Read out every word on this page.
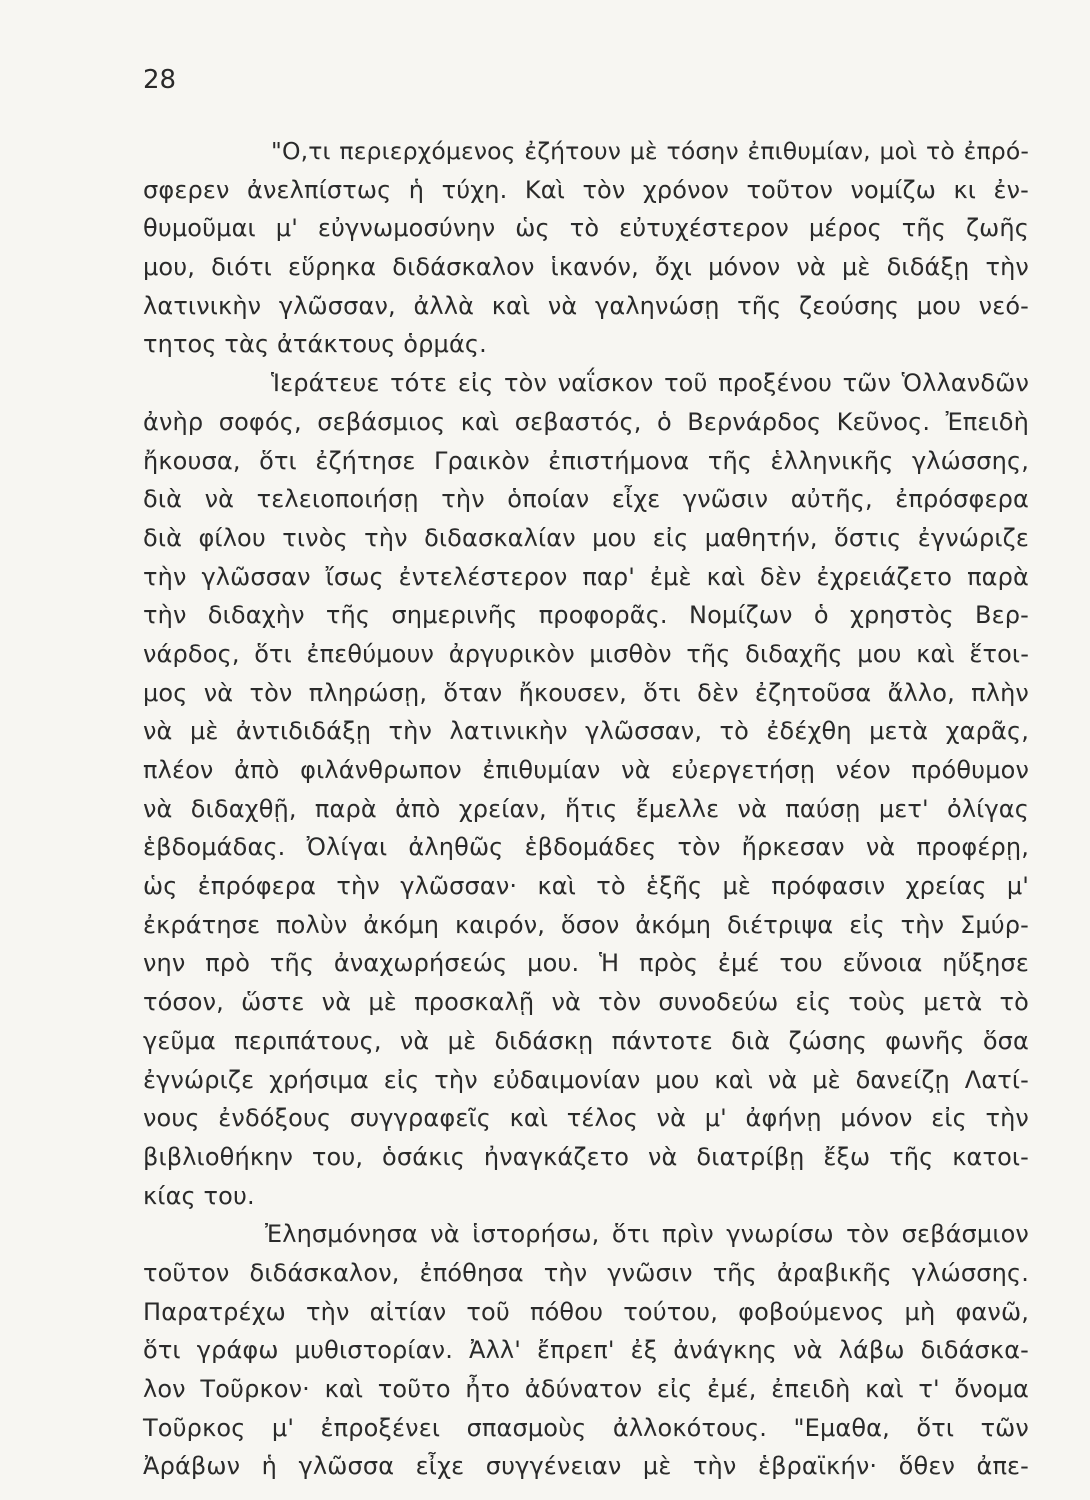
28
"Ο,τι περιερχόμενος ἐζήτουν μὲ τόσην ἐπιθυμίαν, μοὶ τὸ ἐπρό-
σφερεν ἀνελπίστως ἡ τύχη. Καὶ τὸν χρόνον τοῦτον νομίζω κι ἐν-
θυμοῦμαι μ' εὐγνωμοσύνην ὡς τὸ εὐτυχέστερον μέρος τῆς ζωῆς
μου, διότι εὕρηκα διδάσκαλον ἱκανόν, ὄχι μόνον νὰ μὲ διδάξῃ τὴν
λατινικὴν γλῶσσαν, ἀλλὰ καὶ νὰ γαληνώσῃ τῆς ζεούσης μου νεό-
τητος τὰς ἀτάκτους ὁρμάς.
Ἱεράτευε τότε εἰς τὸν ναΐσκον τοῦ προξένου τῶν Ὁλλανδῶν
ἀνὴρ σοφός, σεβάσμιος καὶ σεβαστός, ὁ Βερνάρδος Κεῦνος. Ἐπειδὴ
ἤκουσα, ὅτι ἐζήτησε Γραικὸν ἐπιστήμονα τῆς ἑλληνικῆς γλώσσης,
διὰ νὰ τελειοποιήσῃ τὴν ὁποίαν εἶχε γνῶσιν αὐτῆς, ἐπρόσφερα
διὰ φίλου τινὸς τὴν διδασκαλίαν μου εἰς μαθητήν, ὅστις ἐγνώριζε
τὴν γλῶσσαν ἴσως ἐντελέστερον παρ' ἐμὲ καὶ δὲν ἐχρειάζετο παρὰ
τὴν διδαχὴν τῆς σημερινῆς προφορᾶς. Νομίζων ὁ χρηστὸς Βερ-
νάρδος, ὅτι ἐπεθύμουν ἀργυρικὸν μισθὸν τῆς διδαχῆς μου καὶ ἕτοι-
μος νὰ τὸν πληρώσῃ, ὅταν ἤκουσεν, ὅτι δὲν ἐζητοῦσα ἄλλο, πλὴν
νὰ μὲ ἀντιδιδάξῃ τὴν λατινικὴν γλῶσσαν, τὸ ἐδέχθη μετὰ χαρᾶς,
πλέον ἀπὸ φιλάνθρωπον ἐπιθυμίαν νὰ εὐεργετήσῃ νέον πρόθυμον
νὰ διδαχθῇ, παρὰ ἀπὸ χρείαν, ἥτις ἔμελλε νὰ παύσῃ μετ' ὀλίγας
ἑβδομάδας. Ὀλίγαι ἀληθῶς ἑβδομάδες τὸν ἤρκεσαν νὰ προφέρῃ,
ὡς ἐπρόφερα τὴν γλῶσσαν· καὶ τὸ ἑξῆς μὲ πρόφασιν χρείας μ'
ἐκράτησε πολὺν ἀκόμη καιρόν, ὅσον ἀκόμη διέτριψα εἰς τὴν Σμύρ-
νην πρὸ τῆς ἀναχωρήσεώς μου. Ἡ πρὸς ἐμέ του εὔνοια ηὔξησε
τόσον, ὥστε νὰ μὲ προσκαλῇ νὰ τὸν συνοδεύω εἰς τοὺς μετὰ τὸ
γεῦμα περιπάτους, νὰ μὲ διδάσκῃ πάντοτε διὰ ζώσης φωνῆς ὅσα
ἐγνώριζε χρήσιμα εἰς τὴν εὐδαιμονίαν μου καὶ νὰ μὲ δανείζῃ Λατί-
νους ἐνδόξους συγγραφεῖς καὶ τέλος νὰ μ' ἀφήνῃ μόνον εἰς τὴν
βιβλιοθήκην του, ὁσάκις ἠναγκάζετο νὰ διατρίβῃ ἔξω τῆς κατοι-
κίας του.
Ἐλησμόνησα νὰ ἱστορήσω, ὅτι πρὶν γνωρίσω τὸν σεβάσμιον
τοῦτον διδάσκαλον, ἐπόθησα τὴν γνῶσιν τῆς ἀραβικῆς γλώσσης.
Παρατρέχω τὴν αἰτίαν τοῦ πόθου τούτου, φοβούμενος μὴ φανῶ,
ὅτι γράφω μυθιστορίαν. Ἀλλ' ἔπρεπ' ἐξ ἀνάγκης νὰ λάβω διδάσκα-
λον Τοῦρκον· καὶ τοῦτο ἦτο ἀδύνατον εἰς ἐμέ, ἐπειδὴ καὶ τ' ὄνομα
Τοῦρκος μ' ἐπροξένει σπασμοὺς ἀλλοκότους. "Εμαθα, ὅτι τῶν
Ἀράβων ἡ γλῶσσα εἶχε συγγένειαν μὲ τὴν ἑβραϊκήν· ὅθεν ἀπε-
